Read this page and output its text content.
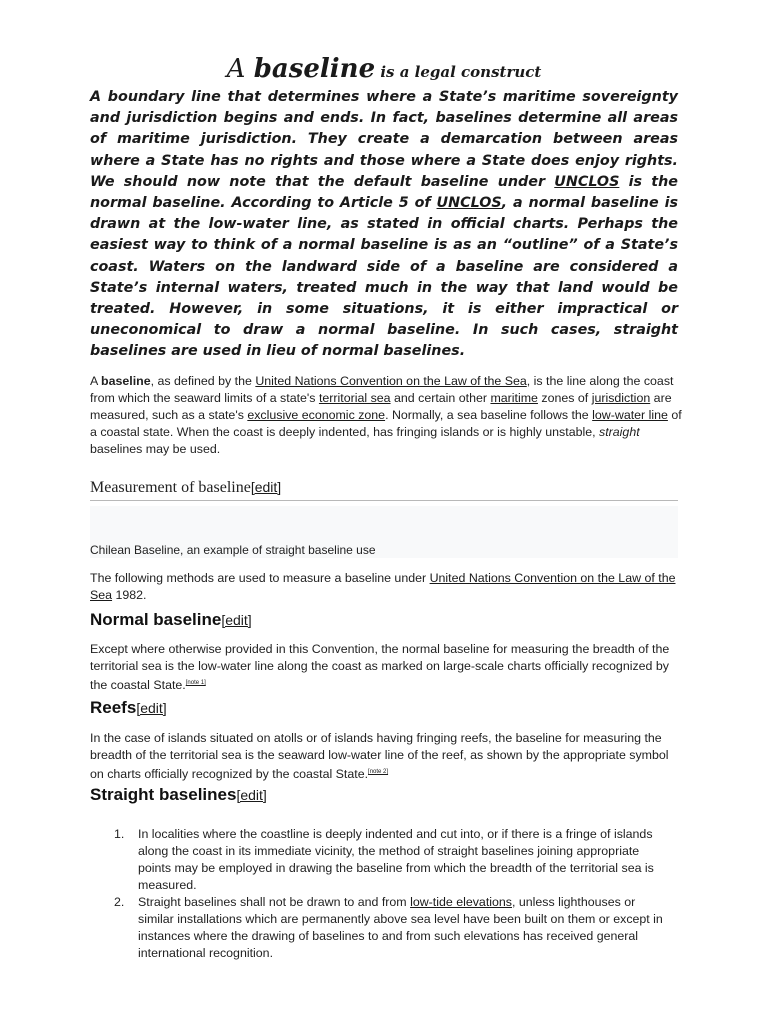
A baseline is a legal construct

A boundary line that determines where a State’s maritime sovereignty and jurisdiction begins and ends. In fact, baselines determine all areas of maritime jurisdiction. They create a demarcation between areas where a State has no rights and those where a State does enjoy rights. We should now note that the default baseline under UNCLOS is the normal baseline. According to Article 5 of UNCLOS, a normal baseline is drawn at the low-water line, as stated in official charts. Perhaps the easiest way to think of a normal baseline is as an “outline” of a State’s coast. Waters on the landward side of a baseline are considered a State’s internal waters, treated much in the way that land would be treated. However, in some situations, it is either impractical or uneconomical to draw a normal baseline. In such cases, straight baselines are used in lieu of normal baselines.

A baseline, as defined by the United Nations Convention on the Law of the Sea, is the line along the coast from which the seaward limits of a state's territorial sea and certain other maritime zones of jurisdiction are measured, such as a state's exclusive economic zone. Normally, a sea baseline follows the low-water line of a coastal state. When the coast is deeply indented, has fringing islands or is highly unstable, straight baselines may be used.

Measurement of baseline[edit]
Chilean Baseline, an example of straight baseline use

The following methods are used to measure a baseline under United Nations Convention on the Law of the Sea 1982.

Normal baseline[edit]

Except where otherwise provided in this Convention, the normal baseline for measuring the breadth of the territorial sea is the low-water line along the coast as marked on large-scale charts officially recognized by the coastal State.[note 1]

Reefs[edit]

In the case of islands situated on atolls or of islands having fringing reefs, the baseline for measuring the breadth of the territorial sea is the seaward low-water line of the reef, as shown by the appropriate symbol on charts officially recognized by the coastal State.[note 2]

Straight baselines[edit]
1. In localities where the coastline is deeply indented and cut into, or if there is a fringe of islands along the coast in its immediate vicinity, the method of straight baselines joining appropriate points may be employed in drawing the baseline from which the breadth of the territorial sea is measured.
2. Straight baselines shall not be drawn to and from low-tide elevations, unless lighthouses or similar installations which are permanently above sea level have been built on them or except in instances where the drawing of baselines to and from such elevations has received general international recognition.
